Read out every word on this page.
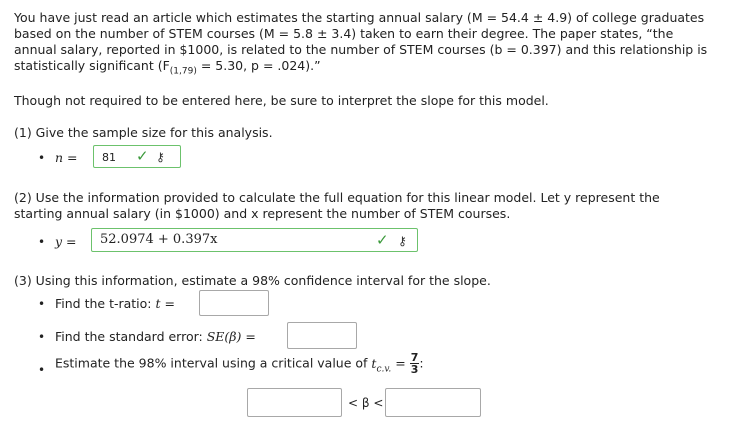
You have just read an article which estimates the starting annual salary (M = 54.4 ± 4.9) of college graduates
based on the number of STEM courses (M = 5.8 ± 3.4) taken to earn their degree. The paper states, “the
annual salary, reported in $1000, is related to the number of STEM courses (b = 0.397) and this relationship is
statistically significant ($F_{(1,79)} = 5.30$, p = .024).”
Though not required to be entered here, be sure to interpret the slope for this model.
(1) Give the sample size for this analysis.
• n = 81 ✓ ⚷
(2) Use the information provided to calculate the full equation for this linear model. Let y represent the
starting annual salary (in $1000) and x represent the number of STEM courses.
• y = 52.0974 + 0.397x	✓ ⚷
(3) Using this information, estimate a 98% confidence interval for the slope.
• Find the t-ratio: t =
• Find the standard error: SE(β) =
• Estimate the 98% interval using a critical value of $t_{c.v.} = \frac{7}{3}$ :
< β <
